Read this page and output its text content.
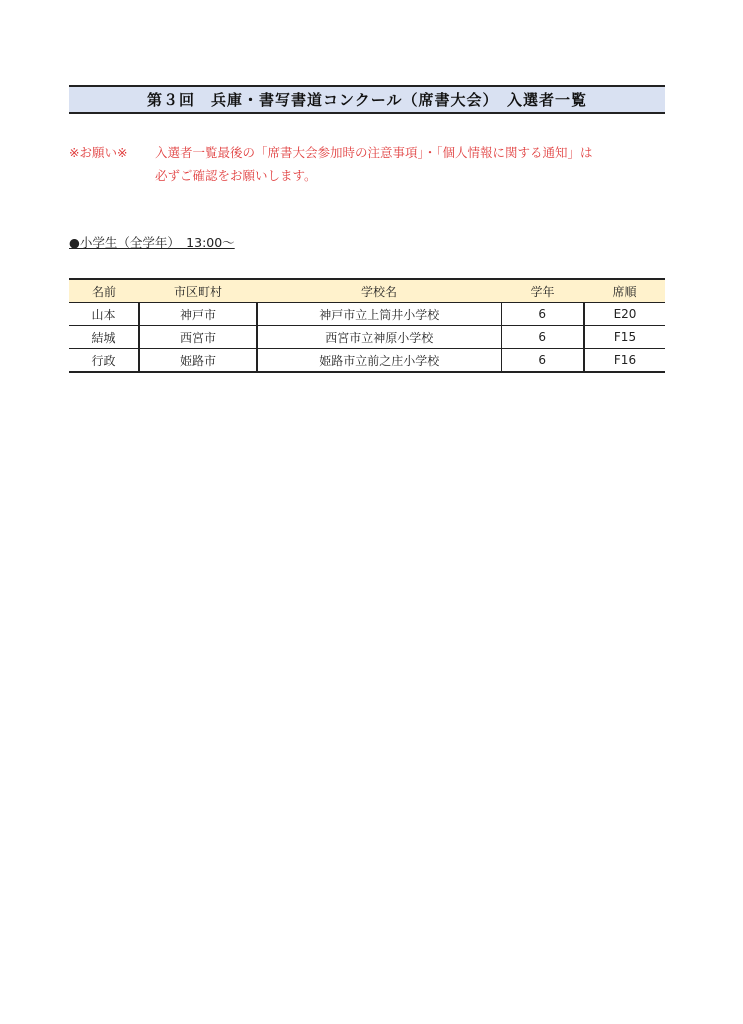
第３回　兵庫・書写書道コンクール（席書大会）　入選者一覧
※お願い※	入選者一覧最後の「席書大会参加時の注意事項」・「個人情報に関する通知」は
必ずご確認をお願いします。
●小学生（全学年）　13:00～
名前	市区町村	学校名	学年	席順
山本	神戸市	神戸市立上筒井小学校	6	E20
結城	西宮市	西宮市立神原小学校	6	F15
行政	姫路市	姫路市立前之庄小学校	6	F16
